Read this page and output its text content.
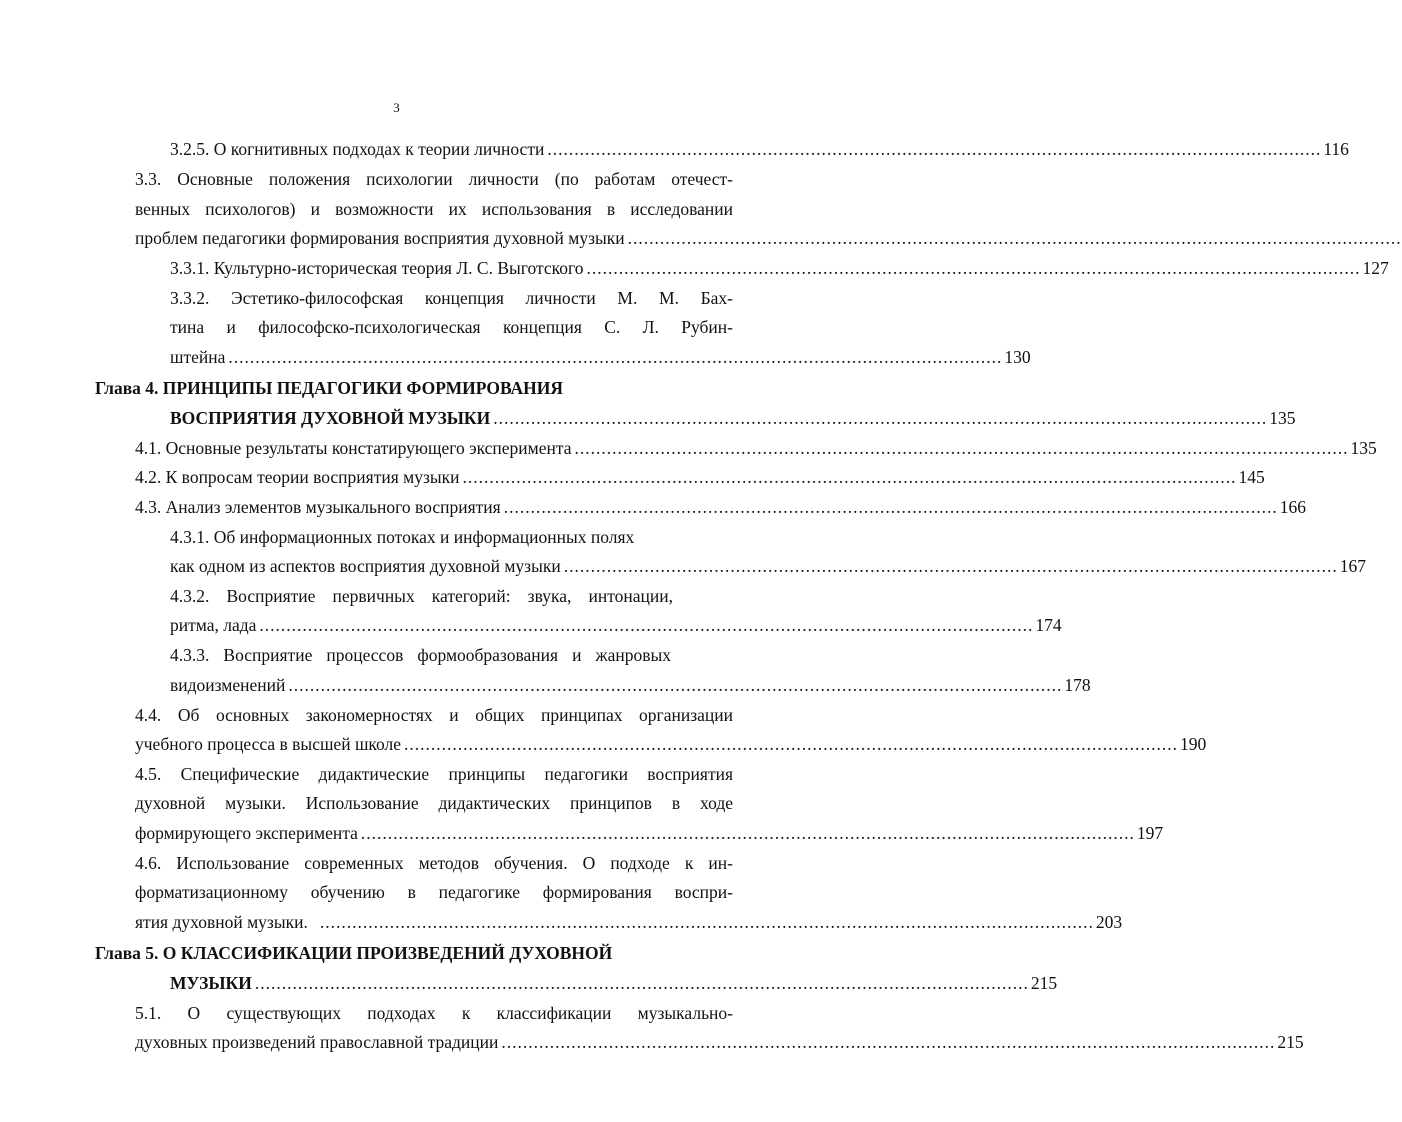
3
3.2.5. О когнитивных подходах к теории личности ................................................................................................................................................ 116
3.3. Основные положения психологии личности (по работам отечест-
венных психологов) и возможности их использования в исследовании
проблем педагогики формирования восприятия духовной музыки ................................................................................................................................................
3.3.1. Культурно-историческая теория Л. С. Выготского ................................................................................................................................................ 127
3.3.2. Эстетико-философская концепция личности М. М. Бах-
тина и философско-психологическая концепция С. Л. Рубин-
штейна ................................................................................................................................................ 130
Глава 4. ПРИНЦИПЫ ПЕДАГОГИКИ ФОРМИРОВАНИЯ
ВОСПРИЯТИЯ ДУХОВНОЙ МУЗЫКИ ................................................................................................................................................ 135
4.1. Основные результаты констатирующего эксперимента ................................................................................................................................................ 135
4.2. К вопросам теории восприятия музыки ................................................................................................................................................ 145
4.3. Анализ элементов музыкального восприятия ................................................................................................................................................ 166
4.3.1. Об информационных потоках и информационных полях
как одном из аспектов восприятия духовной музыки ................................................................................................................................................ 167
4.3.2. Восприятие первичных категорий: звука, интонации,
ритма, лада ................................................................................................................................................ 174
4.3.3. Восприятие процессов формообразования и жанровых
видоизменений ................................................................................................................................................ 178
4.4. Об основных закономерностях и общих принципах организации
учебного процесса в высшей школе ................................................................................................................................................ 190
4.5. Специфические дидактические принципы педагогики восприятия
духовной музыки. Использование дидактических принципов в ходе
формирующего эксперимента ................................................................................................................................................ 197
4.6. Использование современных методов обучения. О подходе к ин-
форматизационному обучению в педагогике формирования воспри-
ятия духовной музыки. ................................................................................................................................................ 203
Глава 5. О КЛАССИФИКАЦИИ ПРОИЗВЕДЕНИЙ ДУХОВНОЙ
МУЗЫКИ ................................................................................................................................................ 215
5.1. О существующих подходах к классификации музыкально-
духовных произведений православной традиции ................................................................................................................................................ 215
